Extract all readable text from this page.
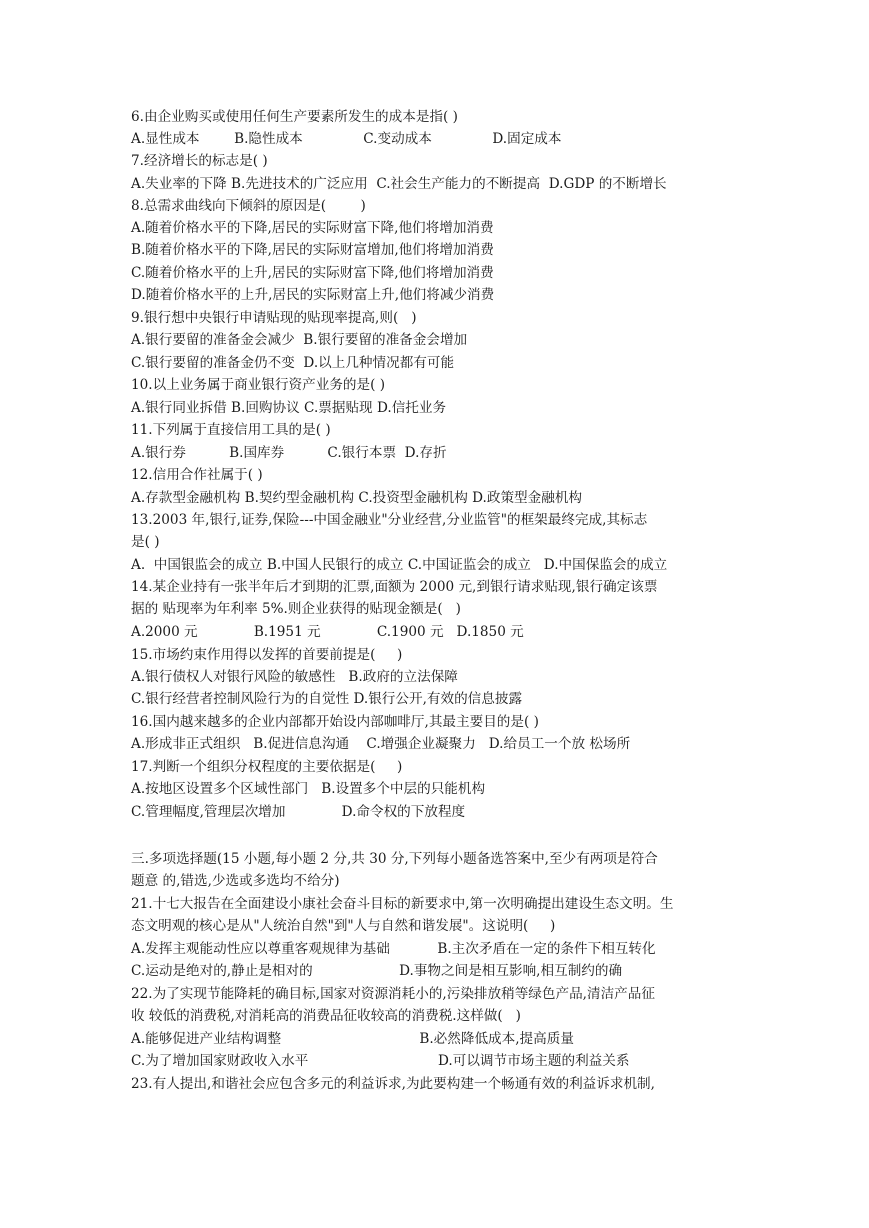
6.由企业购买或使用任何生产要素所发生的成本是指( )
A.显性成本        B.隐性成本              C.变动成本              D.固定成本
7.经济增长的标志是( )
A.失业率的下降 B.先进技术的广泛应用  C.社会生产能力的不断提高  D.GDP 的不断增长
8.总需求曲线向下倾斜的原因是(        )
A.随着价格水平的下降,居民的实际财富下降,他们将增加消费
B.随着价格水平的下降,居民的实际财富增加,他们将增加消费
C.随着价格水平的上升,居民的实际财富下降,他们将增加消费
D.随着价格水平的上升,居民的实际财富上升,他们将减少消费
9.银行想中央银行申请贴现的贴现率提高,则(   )
A.银行要留的准备金会减少  B.银行要留的准备金会增加
C.银行要留的准备金仍不变  D.以上几种情况都有可能
10.以上业务属于商业银行资产业务的是( )
A.银行同业拆借 B.回购协议 C.票据贴现 D.信托业务
11.下列属于直接信用工具的是( )
A.银行券          B.国库券          C.银行本票  D.存折
12.信用合作社属于( )
A.存款型金融机构 B.契约型金融机构 C.投资型金融机构 D.政策型金融机构
13.2003 年,银行,证券,保险---中国金融业"分业经营,分业监管"的框架最终完成,其标志
是( )
A.  中国银监会的成立 B.中国人民银行的成立 C.中国证监会的成立   D.中国保监会的成立
14.某企业持有一张半年后才到期的汇票,面额为 2000 元,到银行请求贴现,银行确定该票
据的 贴现率为年利率 5%.则企业获得的贴现金额是(   )
A.2000 元             B.1951 元             C.1900 元   D.1850 元
15.市场约束作用得以发挥的首要前提是(     )
A.银行债权人对银行风险的敏感性   B.政府的立法保障
C.银行经营者控制风险行为的自觉性 D.银行公开,有效的信息披露
16.国内越来越多的企业内部都开始设内部咖啡厅,其最主要目的是( )
A.形成非正式组织   B.促进信息沟通    C.增强企业凝聚力   D.给员工一个放 松场所
17.判断一个组织分权程度的主要依据是(     )
A.按地区设置多个区域性部门   B.设置多个中层的只能机构
C.管理幅度,管理层次增加             D.命令权的下放程度
三.多项选择题(15 小题,每小题 2 分,共 30 分,下列每小题备选答案中,至少有两项是符合
题意 的,错选,少选或多选均不给分)
21.十七大报告在全面建设小康社会奋斗目标的新要求中,第一次明确提出建设生态文明。生
态文明观的核心是从"人统治自然"到"人与自然和谐发展"。这说明(     )
A.发挥主观能动性应以尊重客观规律为基础           B.主次矛盾在一定的条件下相互转化
C.运动是绝对的,静止是相对的                    D.事物之间是相互影响,相互制约的确
22.为了实现节能降耗的确目标,国家对资源消耗小的,污染排放稍等绿色产品,清洁产品征
收 较低的消费税,对消耗高的消费品征收较高的消费税.这样做(   )
A.能够促进产业结构调整                                B.必然降低成本,提高质量
C.为了增加国家财政收入水平                              D.可以调节市场主题的利益关系
23.有人提出,和谐社会应包含多元的利益诉求,为此要构建一个畅通有效的利益诉求机制,
